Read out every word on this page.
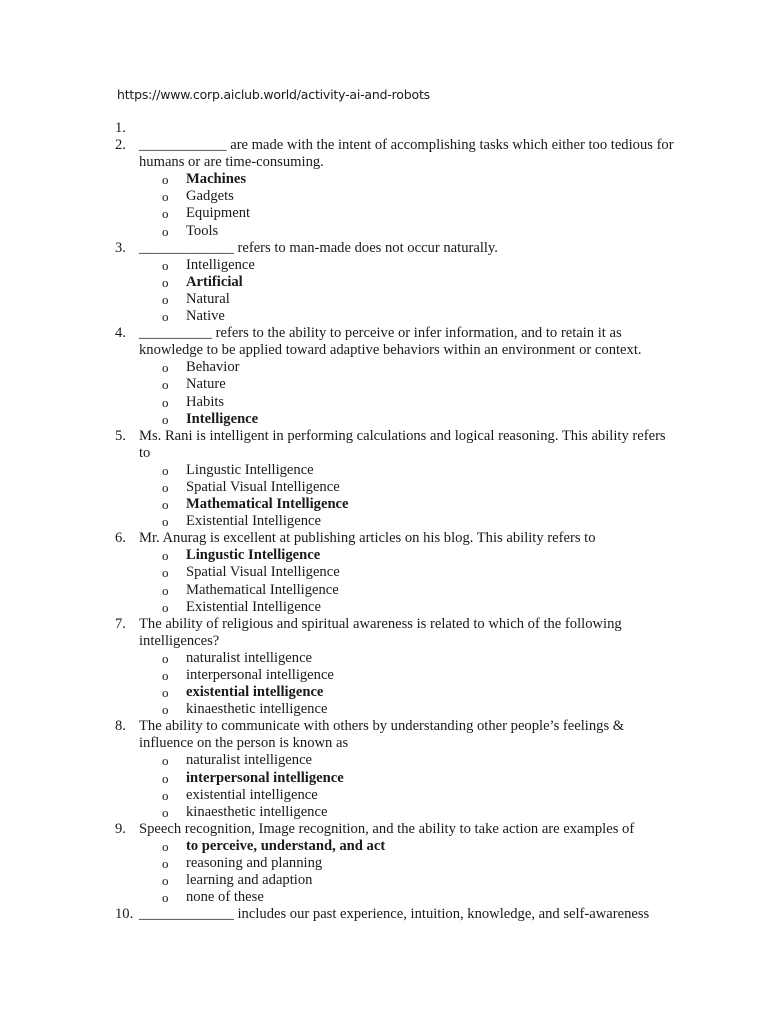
https://www.corp.aiclub.world/activity-ai-and-robots
1.

2. ____________ are made with the intent of accomplishing tasks which either too tedious for humans or are time-consuming.
o Machines
o Gadgets
o Equipment
o Tools
3. _____________ refers to man-made does not occur naturally.
o Intelligence
o Artificial
o Natural
o Native
4. __________ refers to the ability to perceive or infer information, and to retain it as knowledge to be applied toward adaptive behaviors within an environment or context.
o Behavior
o Nature
o Habits
o Intelligence
5. Ms. Rani is intelligent in performing calculations and logical reasoning. This ability refers to
o Lingustic Intelligence
o Spatial Visual Intelligence
o Mathematical Intelligence
o Existential Intelligence
6. Mr. Anurag is excellent at publishing articles on his blog. This ability refers to
o Lingustic Intelligence
o Spatial Visual Intelligence
o Mathematical Intelligence
o Existential Intelligence
7. The ability of religious and spiritual awareness is related to which of the following intelligences?
o naturalist intelligence
o interpersonal intelligence
o existential intelligence
o kinaesthetic intelligence
8. The ability to communicate with others by understanding other people’s feelings & influence on the person is known as
o naturalist intelligence
o interpersonal intelligence
o existential intelligence
o kinaesthetic intelligence
9. Speech recognition, Image recognition, and the ability to take action are examples of
o to perceive, understand, and act
o reasoning and planning
o learning and adaption
o none of these
10. _____________ includes our past experience, intuition, knowledge, and self-awareness
